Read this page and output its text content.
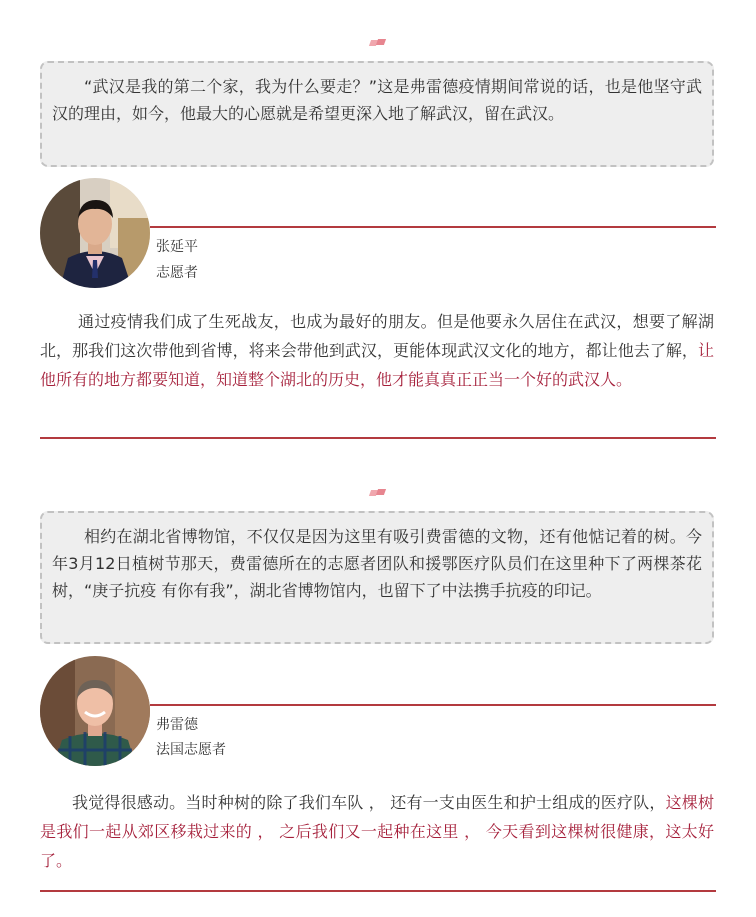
“武汉是我的第二个家，我为什么要走？”这是弗雷德疫情期间常说的话，也是他坚守武汉的理由，如今，他最大的心愿就是希望更深入地了解武汉，留在武汉。
张延平
志愿者

通过疫情我们成了生死战友，也成为最好的朋友。但是他要永久居住在武汉，想要了解湖北，那我们这次带他到省博，将来会带他到武汉，更能体现武汉文化的地方，都让他去了解，让他所有的地方都要知道，知道整个湖北的历史，他才能真真正正当一个好的武汉人。

相约在湖北省博物馆，不仅仅是因为这里有吸引费雷德的文物，还有他惦记着的树。今年3月12日植树节那天，费雷德所在的志愿者团队和援鄂医疗队员们在这里种下了两棵茶花树，“庚子抗疫 有你有我”，湖北省博物馆内，也留下了中法携手抗疫的印记。
弗雷德
法国志愿者

我觉得很感动。当时种树的除了我们车队 ， 还有一支由医生和护士组成的医疗队，这棵树是我们一起从郊区移栽过来的 ， 之后我们又一起种在这里 ， 今天看到这棵树很健康，这太好了。
